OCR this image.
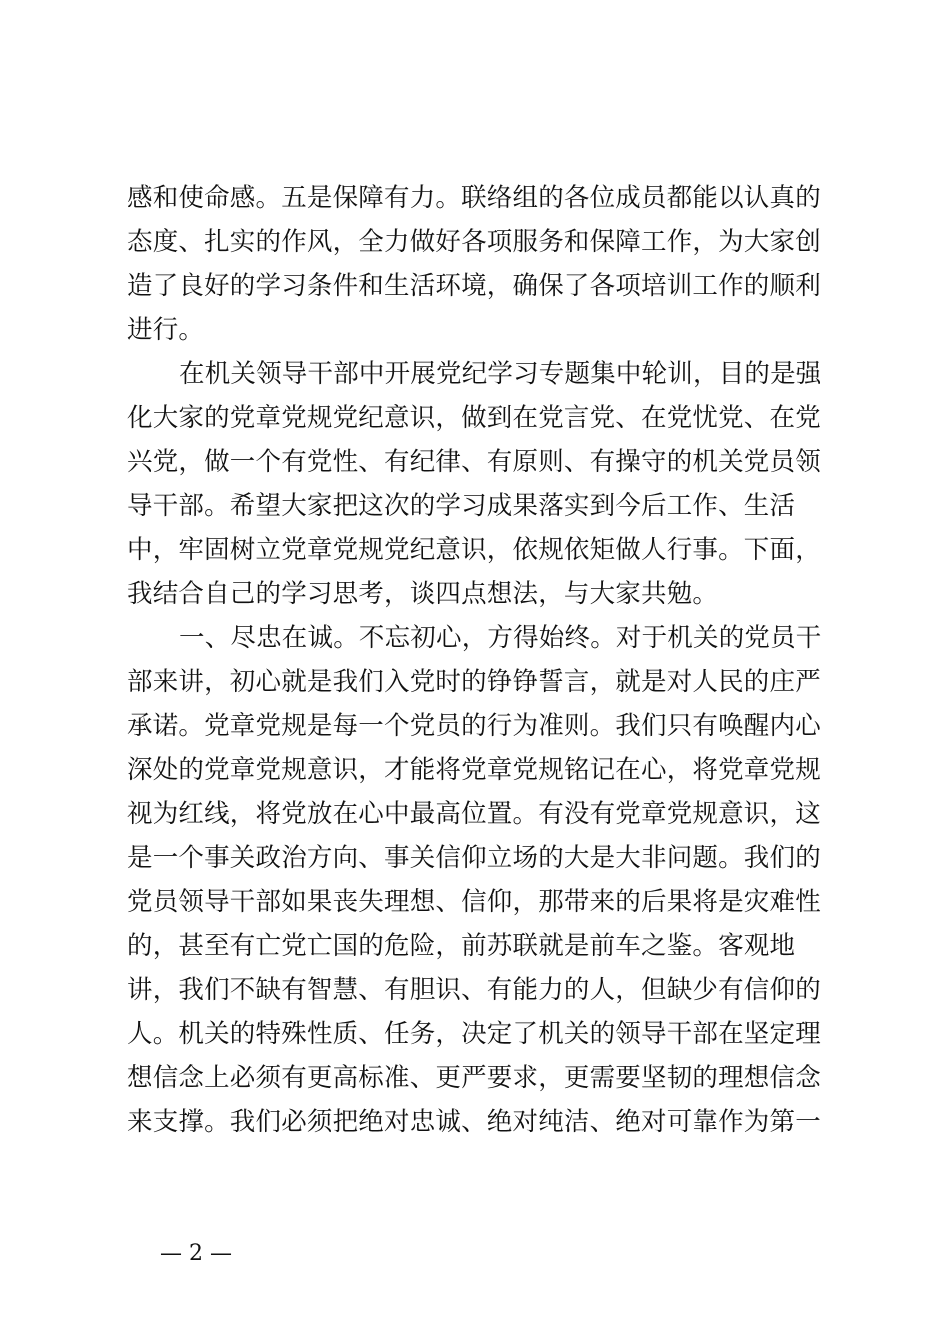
感和使命感。五是保障有力。联络组的各位成员都能以认真的
态度、扎实的作风，全力做好各项服务和保障工作，为大家创
造了良好的学习条件和生活环境，确保了各项培训工作的顺利
进行。
在机关领导干部中开展党纪学习专题集中轮训，目的是强
化大家的党章党规党纪意识，做到在党言党、在党忧党、在党
兴党，做一个有党性、有纪律、有原则、有操守的机关党员领
导干部。希望大家把这次的学习成果落实到今后工作、生活
中，牢固树立党章党规党纪意识，依规依矩做人行事。下面，
我结合自己的学习思考，谈四点想法，与大家共勉。
一、尽忠在诚。不忘初心，方得始终。对于机关的党员干
部来讲，初心就是我们入党时的铮铮誓言，就是对人民的庄严
承诺。党章党规是每一个党员的行为准则。我们只有唤醒内心
深处的党章党规意识，才能将党章党规铭记在心，将党章党规
视为红线，将党放在心中最高位置。有没有党章党规意识，这
是一个事关政治方向、事关信仰立场的大是大非问题。我们的
党员领导干部如果丧失理想、信仰，那带来的后果将是灾难性
的，甚至有亡党亡国的危险，前苏联就是前车之鉴。客观地
讲，我们不缺有智慧、有胆识、有能力的人，但缺少有信仰的
人。机关的特殊性质、任务，决定了机关的领导干部在坚定理
想信念上必须有更高标准、更严要求，更需要坚韧的理想信念
来支撑。我们必须把绝对忠诚、绝对纯洁、绝对可靠作为第一
— 2 —
